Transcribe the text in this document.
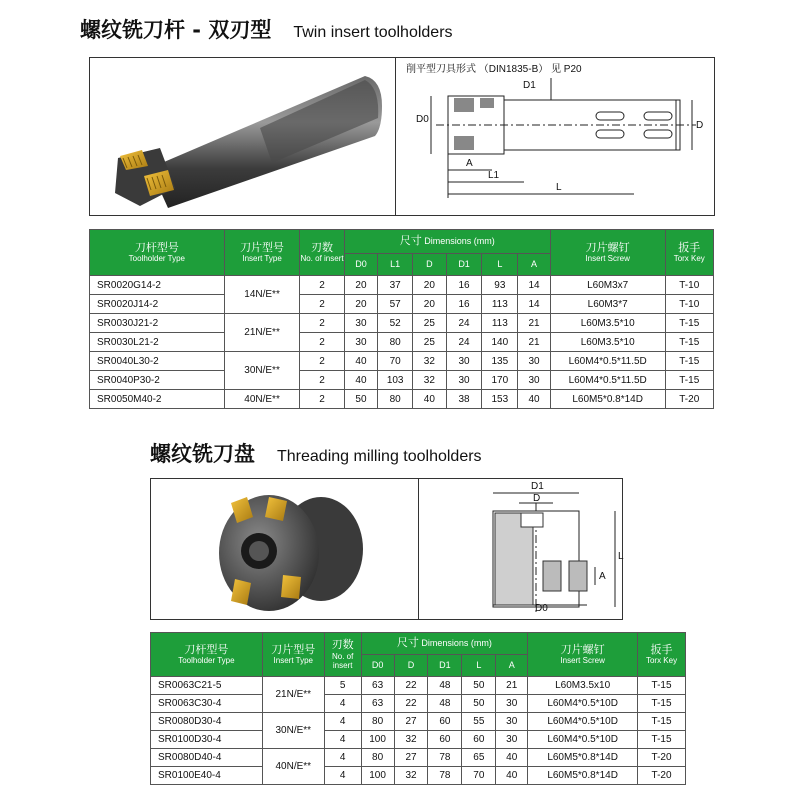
螺纹铣刀杆 - 双刃型 Twin insert toolholders
削平型刀具形式 （DIN1835-B） 见 P20
D1
D0
D
A
L1
L
刀杆型号
Toolholder Type	刀片型号
Insert Type	刃数
No. of insert	尺寸 Dimensions (mm)						刀片螺钉
Insert Screw	扳手
Torx Key

			D0	L1	D	D1	L	A		
SR0020G14-2	14N/E**	2	20	37	20	16	93	14	L60M3x7	T-10
SR0020J14-2		2	20	57	20	16	113	14	L60M3*7	T-10
SR0030J21-2	21N/E**	2	30	52	25	24	113	21	L60M3.5*10	T-15
SR0030L21-2		2	30	80	25	24	140	21	L60M3.5*10	T-15
SR0040L30-2	30N/E**	2	40	70	32	30	135	30	L60M4*0.5*11.5D	T-15
SR0040P30-2		2	40	103	32	30	170	30	L60M4*0.5*11.5D	T-15
SR0050M40-2	40N/E**	2	50	80	40	38	153	40	L60M5*0.8*14D	T-20
螺纹铣刀盘 Threading milling toolholders
D1
D
L
A
D0
刀杆型号
Toolholder Type	刀片型号
Insert Type	刃数
No. of insert	尺寸 Dimensions (mm)					刀片螺钉
Insert Screw	扳手
Torx Key

			D0	D	D1	L	A		
SR0063C21-5	21N/E**	5	63	22	48	50	21	L60M3.5x10	T-15
SR0063C30-4		4	63	22	48	50	30	L60M4*0.5*10D	T-15
SR0080D30-4	30N/E**	4	80	27	60	55	30	L60M4*0.5*10D	T-15
SR0100D30-4		4	100	32	60	60	30	L60M4*0.5*10D	T-15
SR0080D40-4	40N/E**	4	80	27	78	65	40	L60M5*0.8*14D	T-20
SR0100E40-4		4	100	32	78	70	40	L60M5*0.8*14D	T-20
